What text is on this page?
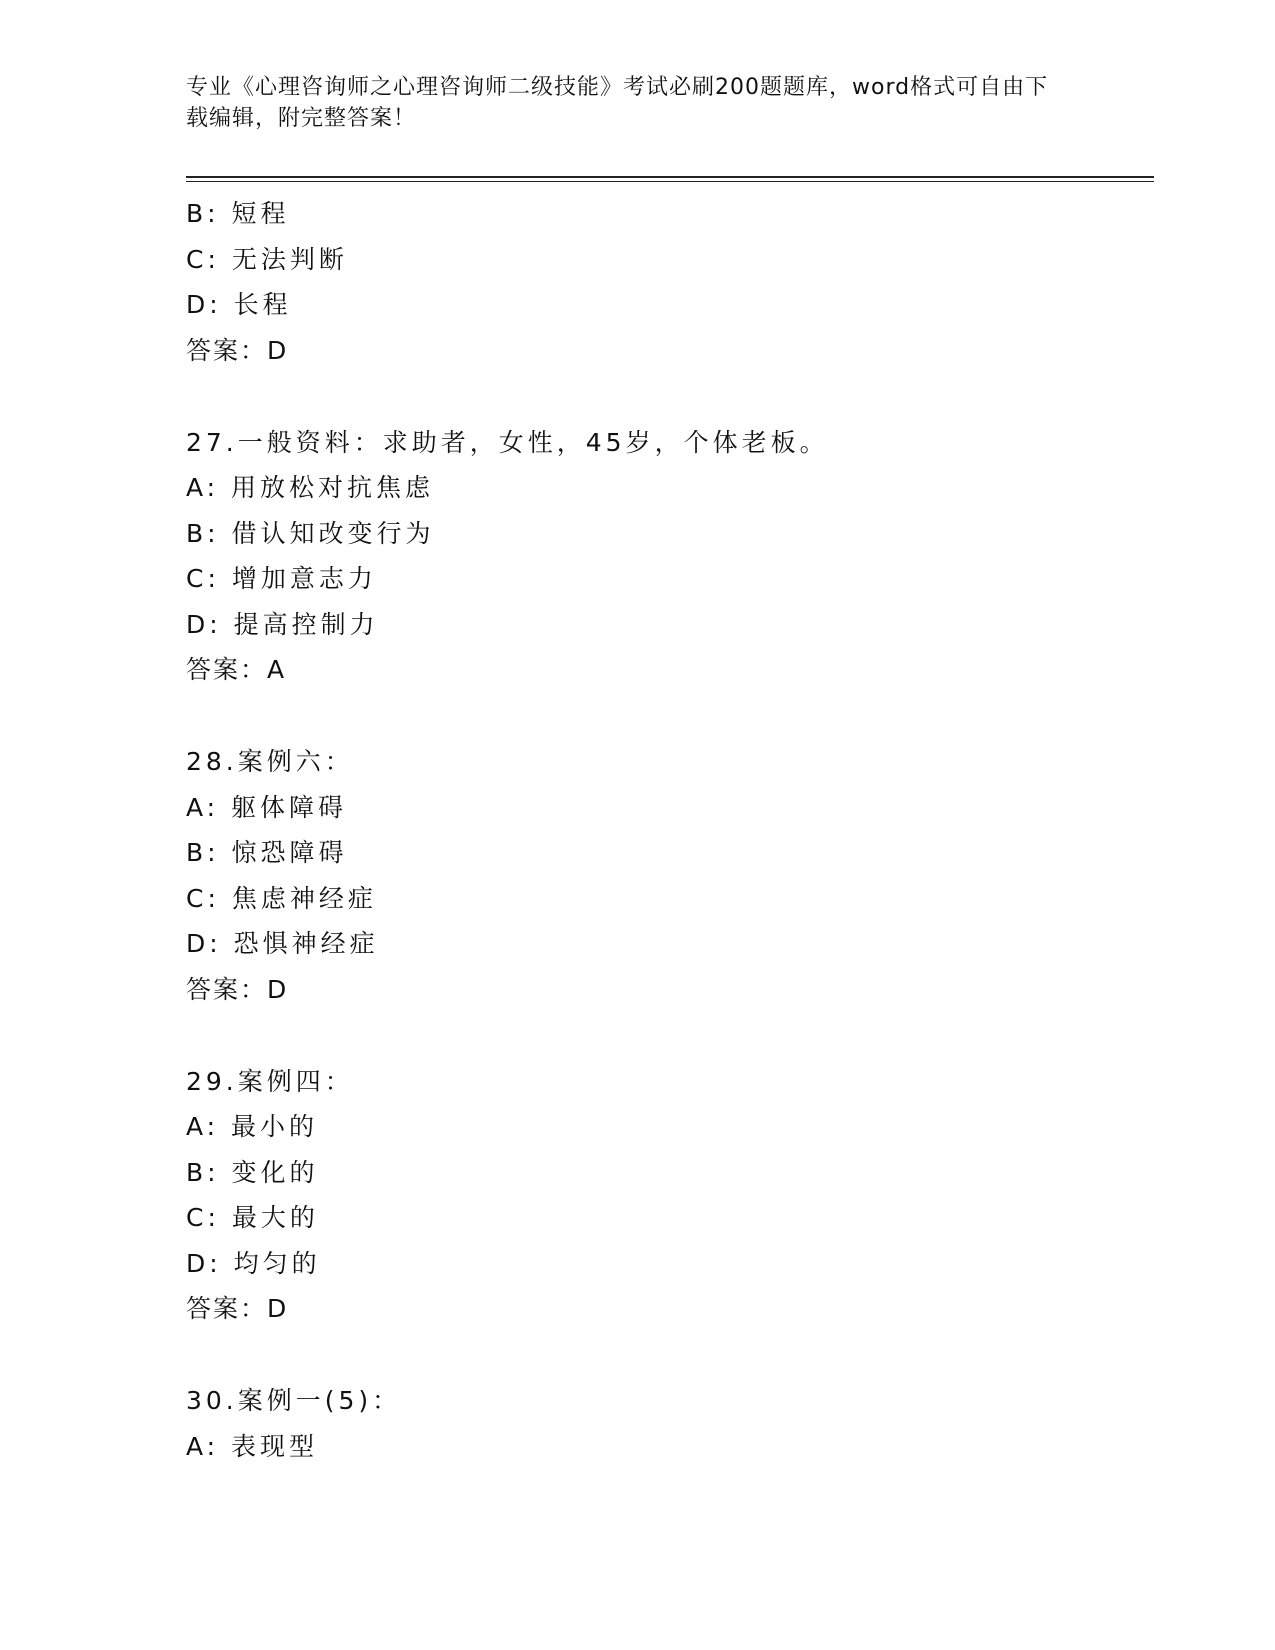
专业《心理咨询师之心理咨询师二级技能》考试必刷200题题库，word格式可自由下载编辑，附完整答案！
B: 短程
C: 无法判断
D: 长程
答案：D
27.一般资料：求助者，女性，45岁，个体老板。
A: 用放松对抗焦虑
B: 借认知改变行为
C: 增加意志力
D: 提高控制力
答案：A
28.案例六：
A: 躯体障碍
B: 惊恐障碍
C: 焦虑神经症
D: 恐惧神经症
答案：D
29.案例四：
A: 最小的
B: 变化的
C: 最大的
D: 均匀的
答案：D
30.案例一(5)：
A: 表现型
